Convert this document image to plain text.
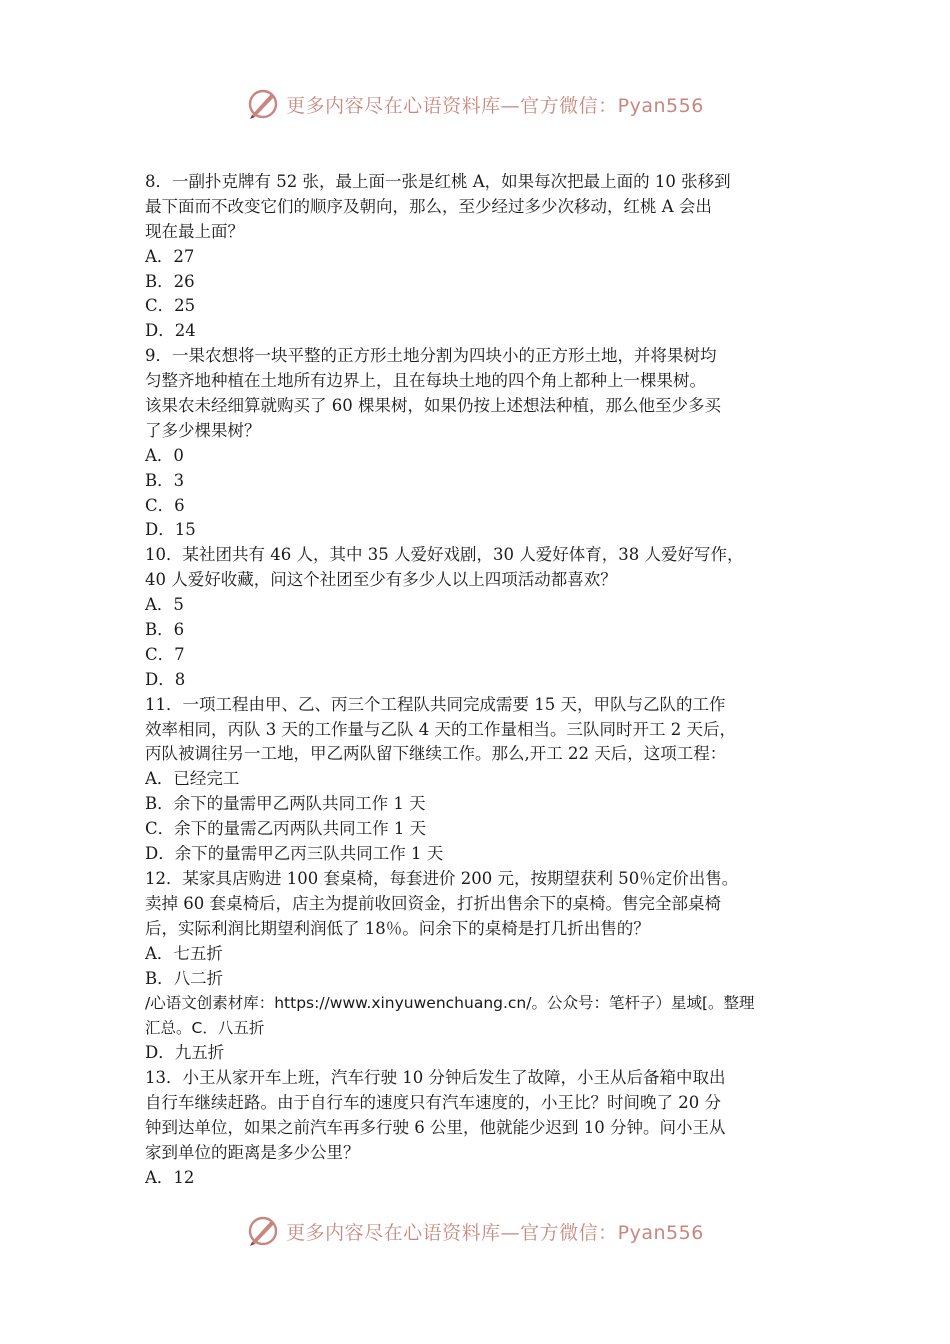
更多内容尽在心语资料库—官方微信：Pyan556
8．一副扑克牌有 52 张，最上面一张是红桃 A，如果每次把最上面的 10 张移到
最下面而不改变它们的顺序及朝向，那么，至少经过多少次移动，红桃 A 会出
现在最上面？
A．27
B．26
C．25
D．24
9．一果农想将一块平整的正方形土地分割为四块小的正方形土地，并将果树均
匀整齐地种植在土地所有边界上，且在每块土地的四个角上都种上一棵果树。
该果农未经细算就购买了 60 棵果树，如果仍按上述想法种植，那么他至少多买
了多少棵果树？
A．0
B．3
C．6
D．15
10．某社团共有 46 人，其中 35 人爱好戏剧，30 人爱好体育，38 人爱好写作，
40 人爱好收藏，问这个社团至少有多少人以上四项活动都喜欢？
A．5
B．6
C．7
D．8
11．一项工程由甲、乙、丙三个工程队共同完成需要 15 天，甲队与乙队的工作
效率相同，丙队 3 天的工作量与乙队 4 天的工作量相当。三队同时开工 2 天后，
丙队被调往另一工地，甲乙两队留下继续工作。那么,开工 22 天后，这项工程：
A．已经完工
B．余下的量需甲乙两队共同工作 1 天
C．余下的量需乙丙两队共同工作 1 天
D．余下的量需甲乙丙三队共同工作 1 天
12．某家具店购进 100 套桌椅，每套进价 200 元，按期望获利 50％定价出售。
卖掉 60 套桌椅后，店主为提前收回资金，打折出售余下的桌椅。售完全部桌椅
后，实际利润比期望利润低了 18％。问余下的桌椅是打几折出售的？
A．七五折
B．八二折
/心语文创素材库：https://www.xinyuwenchuang.cn/。公众号：笔杆子）星域[。整理
汇总。C．八五折
D．九五折
13．小王从家开车上班，汽车行驶 10 分钟后发生了故障，小王从后备箱中取出
自行车继续赶路。由于自行车的速度只有汽车速度的，小王比？时间晚了 20 分
钟到达单位，如果之前汽车再多行驶 6 公里，他就能少迟到 10 分钟。问小王从
家到单位的距离是多少公里？
A．12
更多内容尽在心语资料库—官方微信：Pyan556
